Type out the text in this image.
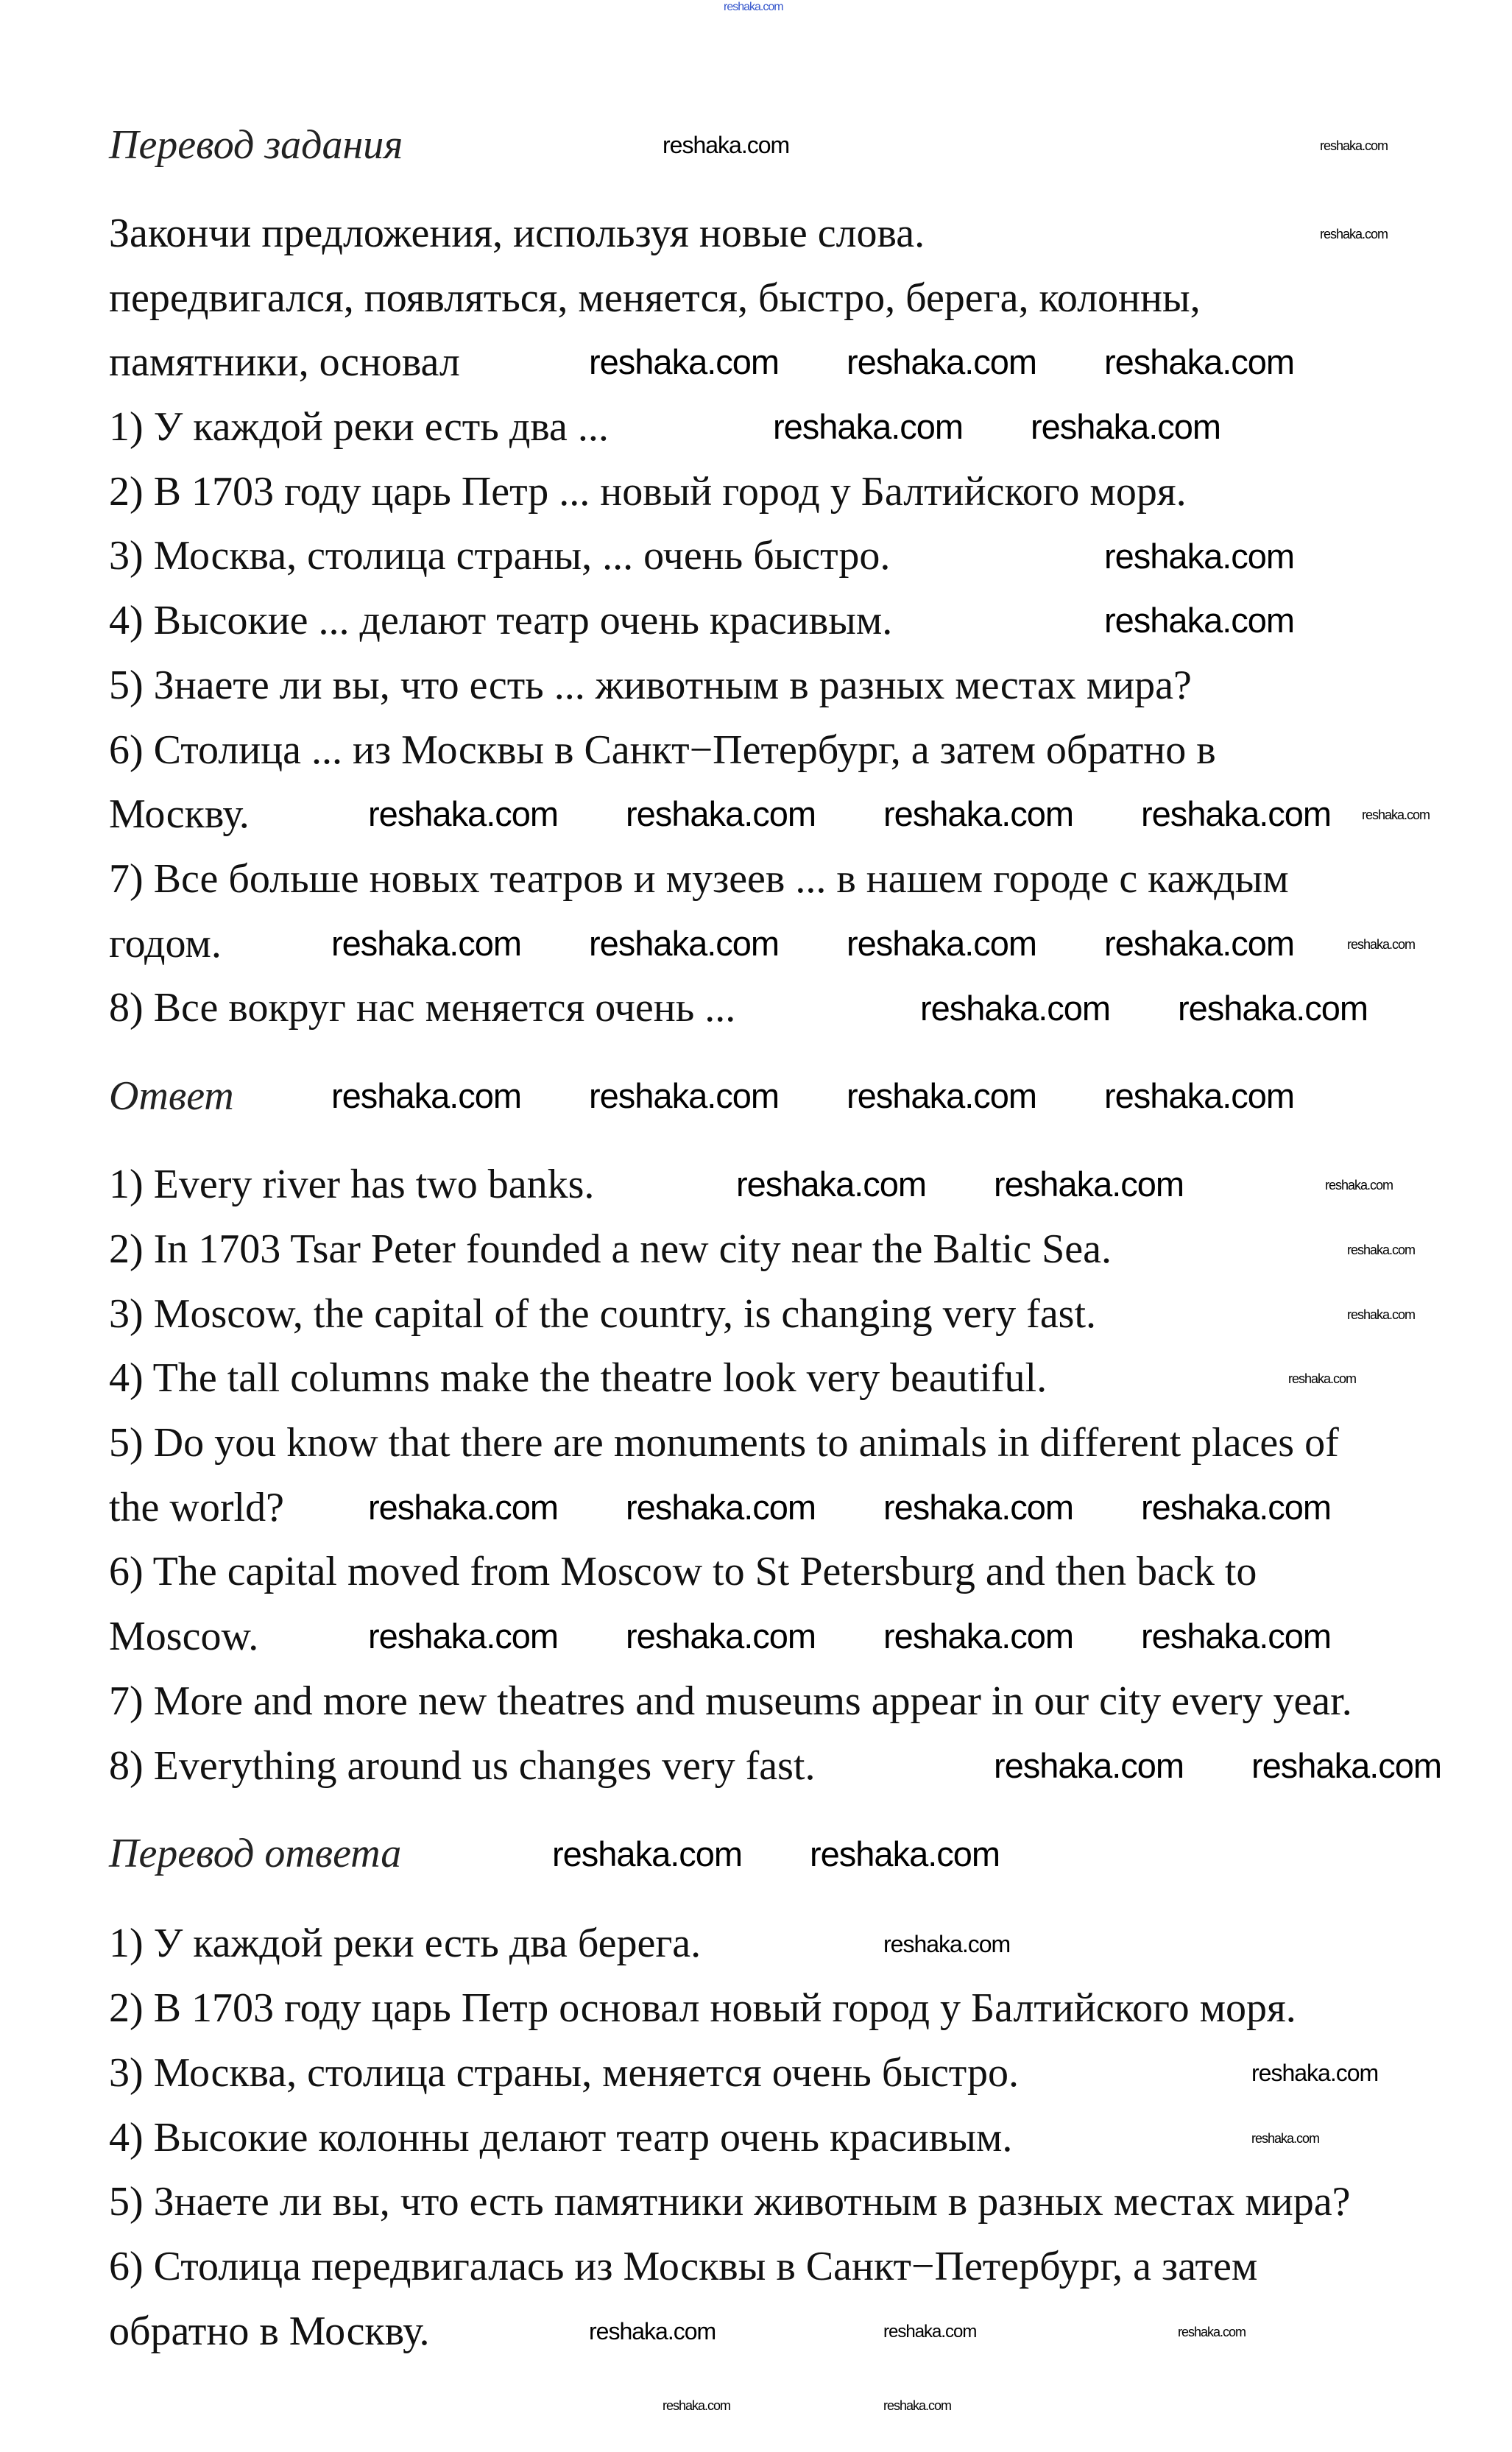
Перевод задания
Закончи предложения, используя новые слова.
передвигался, появляться, меняется, быстро, берега, колонны,
памятники, основал
1) У каждой реки есть два ...
2) В 1703 году царь Петр ... новый город у Балтийского моря.
3) Москва, столица страны, ... очень быстро.
4) Высокие ... делают театр очень красивым.
5) Знаете ли вы, что есть ... животным в разных местах мира?
6) Столица ... из Москвы в Санкт−Петербург, а затем обратно в
Москву.
7) Все больше новых театров и музеев ... в нашем городе с каждым
годом.
8) Все вокруг нас меняется очень ...
Ответ
1) Every river has two banks.
2) In 1703 Tsar Peter founded a new city near the Baltic Sea.
3) Moscow, the capital of the country, is changing very fast.
4) The tall columns make the theatre look very beautiful.
5) Do you know that there are monuments to animals in different places of
the world?
6) The capital moved from Moscow to St Petersburg and then back to
Moscow.
7) More and more new theatres and museums appear in our city every year.
8) Everything around us changes very fast.
Перевод ответа
1) У каждой реки есть два берега.
2) В 1703 году царь Петр основал новый город у Балтийского моря.
3) Москва, столица страны, меняется очень быстро.
4) Высокие колонны делают театр очень красивым.
5) Знаете ли вы, что есть памятники животным в разных местах мира?
6) Столица передвигалась из Москвы в Санкт−Петербург, а затем
обратно в Москву.
reshaka.com
reshaka.com	reshaka.com
reshaka.com
reshaka.com reshaka.com reshaka.com
reshaka.com reshaka.com
reshaka.com
reshaka.com
reshaka.com reshaka.com reshaka.com reshaka.com reshaka.com
reshaka.com reshaka.com reshaka.com reshaka.com	reshaka.com
reshaka.com reshaka.com
reshaka.com reshaka.com reshaka.com reshaka.com
reshaka.com reshaka.com	reshaka.com
reshaka.com
reshaka.com
reshaka.com
reshaka.com reshaka.com reshaka.com reshaka.com
reshaka.com reshaka.com reshaka.com reshaka.com
reshaka.com reshaka.com
reshaka.com reshaka.com
reshaka.com
reshaka.com
reshaka.com
reshaka.com	reshaka.com	reshaka.com
reshaka.com	reshaka.com
